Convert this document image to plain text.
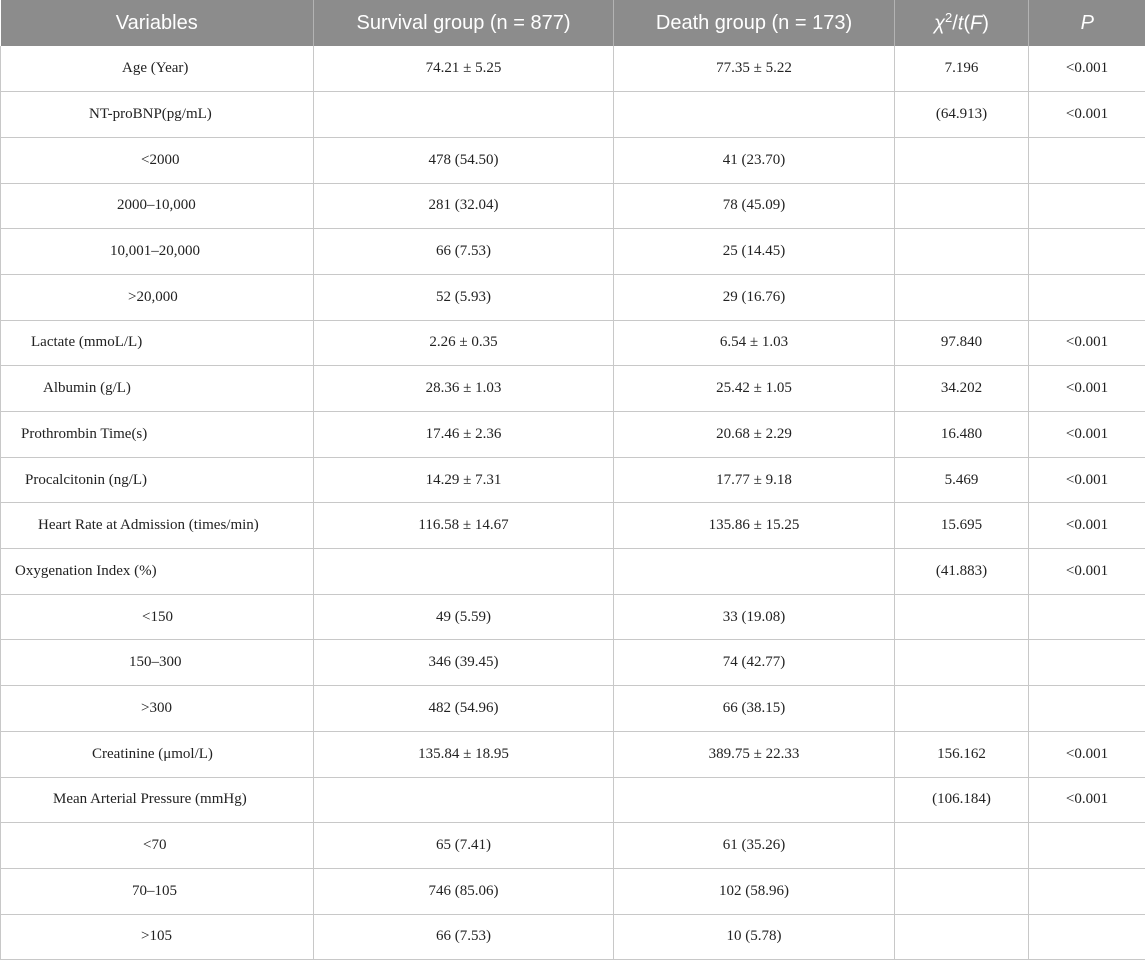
Variables	Survival group (n = 877)	Death group (n = 173)	$\chi^2/t(F)$	P
Age (Year)	74.21 ± 5.25	77.35 ± 5.22	7.196	<0.001
NT-proBNP(pg/mL)			(64.913)	<0.001
<2000	478 (54.50)	41 (23.70)		
2000–10,000	281 (32.04)	78 (45.09)		
10,001–20,000	66 (7.53)	25 (14.45)		
>20,000	52 (5.93)	29 (16.76)		
Lactate (mmoL/L)	2.26 ± 0.35	6.54 ± 1.03	97.840	<0.001
Albumin (g/L)	28.36 ± 1.03	25.42 ± 1.05	34.202	<0.001
Prothrombin Time(s)	17.46 ± 2.36	20.68 ± 2.29	16.480	<0.001
Procalcitonin (ng/L)	14.29 ± 7.31	17.77 ± 9.18	5.469	<0.001
Heart Rate at Admission (times/min)	116.58 ± 14.67	135.86 ± 15.25	15.695	<0.001
Oxygenation Index (%)			(41.883)	<0.001
<150	49 (5.59)	33 (19.08)		
150–300	346 (39.45)	74 (42.77)		
>300	482 (54.96)	66 (38.15)		
Creatinine (μmol/L)	135.84 ± 18.95	389.75 ± 22.33	156.162	<0.001
Mean Arterial Pressure (mmHg)			(106.184)	<0.001
<70	65 (7.41)	61 (35.26)		
70–105	746 (85.06)	102 (58.96)		
>105	66 (7.53)	10 (5.78)		
